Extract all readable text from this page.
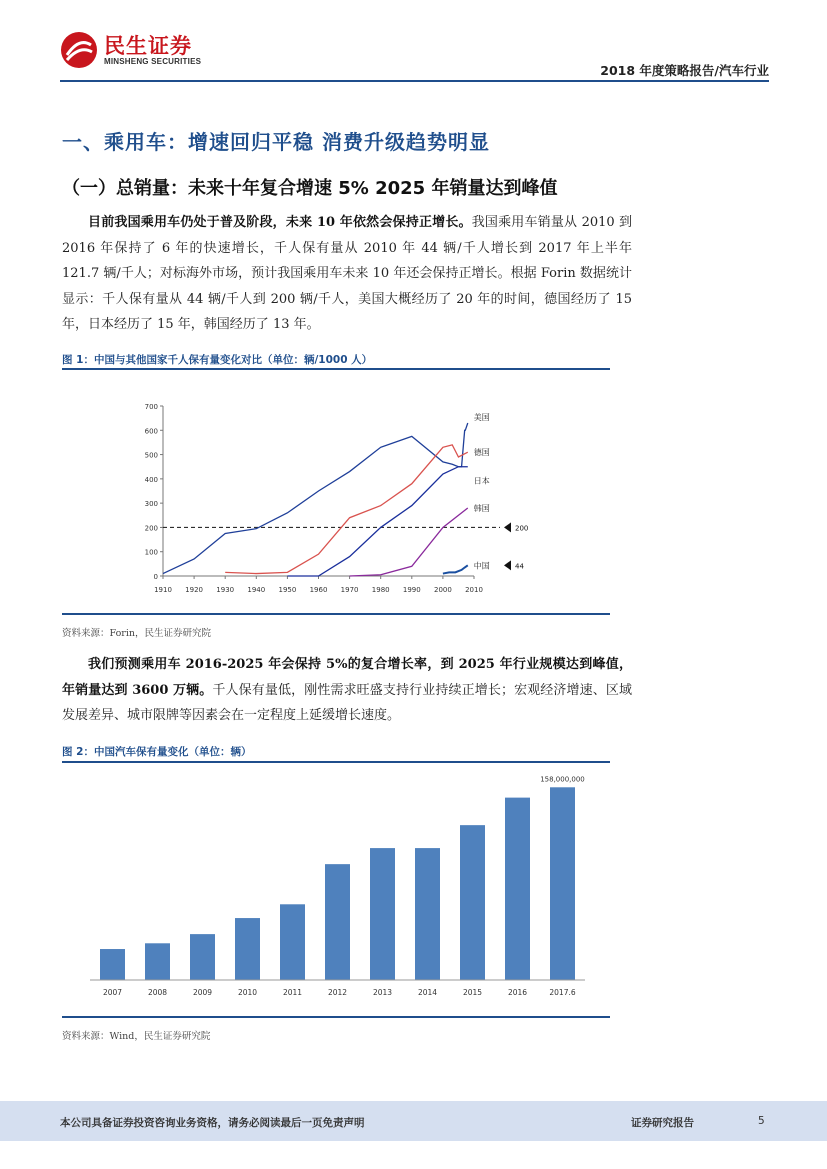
民生证券
MINSHENG SECURITIES
2018 年度策略报告/汽车行业
一、乘用车：增速回归平稳 消费升级趋势明显
（一）总销量：未来十年复合增速 5% 2025 年销量达到峰值
目前我国乘用车仍处于普及阶段，未来 10 年依然会保持正增长。我国乘用车销量从 2010 到 2016 年保持了 6 年的快速增长，千人保有量从 2010 年 44 辆/千人增长到 2017 年上半年 121.7 辆/千人；对标海外市场，预计我国乘用车未来 10 年还会保持正增长。根据 Forin 数据统计显示：千人保有量从 44 辆/千人到 200 辆/千人，美国大概经历了 20 年的时间，德国经历了 15 年，日本经历了 15 年，韩国经历了 13 年。
图 1：中国与其他国家千人保有量变化对比（单位：辆/1000 人）
0
100
200
300
400
500
600
700
1910 1920 1930 1940 1950 1960 1970 1980 1990 2000 2010
200
美国
德国
日本
韩国
中国	44
资料来源：Forin，民生证券研究院
我们预测乘用车 2016-2025 年会保持 5%的复合增长率，到 2025 年行业规模达到峰值，年销量达到 3600 万辆。千人保有量低，刚性需求旺盛支持行业持续正增长；宏观经济增速、区域发展差异、城市限牌等因素会在一定程度上延缓增长速度。
图 2：中国汽车保有量变化（单位：辆）
2007	2008	2009	2010	2011	2012	2013	2014	2015	2016	2017.6
158,000,000
资料来源：Wind，民生证券研究院
本公司具备证券投资咨询业务资格，请务必阅读最后一页免责声明	证券研究报告	5
